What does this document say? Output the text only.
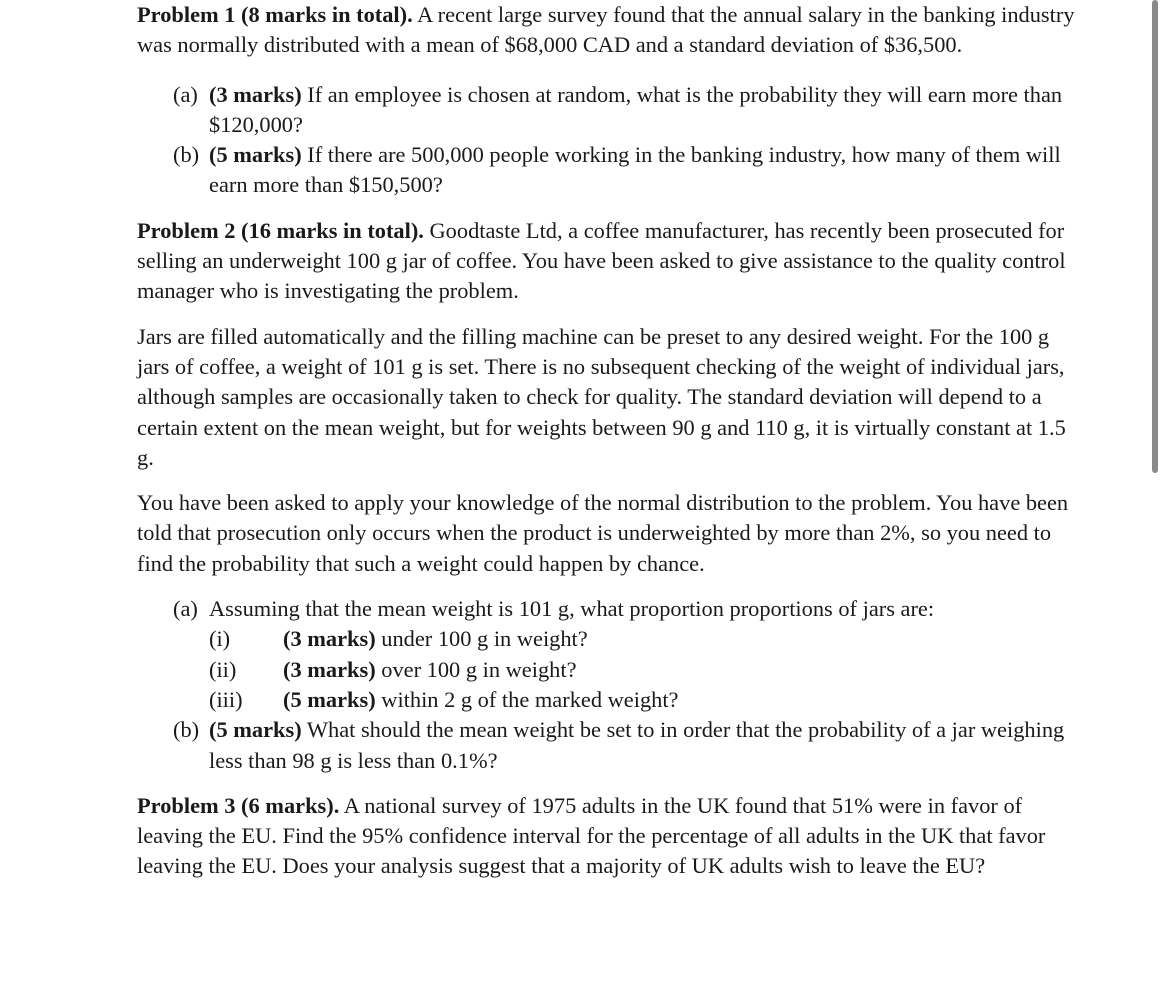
Problem 1 (8 marks in total). A recent large survey found that the annual salary in the banking industry was normally distributed with a mean of $68,000 CAD and a standard deviation of $36,500.

(a) (3 marks) If an employee is chosen at random, what is the probability they will earn more than $120,000?
(b) (5 marks) If there are 500,000 people working in the banking industry, how many of them will earn more than $150,500?

Problem 2 (16 marks in total). Goodtaste Ltd, a coffee manufacturer, has recently been prosecuted for selling an underweight 100 g jar of coffee. You have been asked to give assistance to the quality control manager who is investigating the problem.

Jars are filled automatically and the filling machine can be preset to any desired weight. For the 100 g jars of coffee, a weight of 101 g is set. There is no subsequent checking of the weight of individual jars, although samples are occasionally taken to check for quality. The standard deviation will depend to a certain extent on the mean weight, but for weights between 90 g and 110 g, it is virtually constant at 1.5 g.

You have been asked to apply your knowledge of the normal distribution to the problem. You have been told that prosecution only occurs when the product is underweighted by more than 2%, so you need to find the probability that such a weight could happen by chance.

(a) Assuming that the mean weight is 101 g, what proportion proportions of jars are:
(i) (3 marks) under 100 g in weight?
(ii) (3 marks) over 100 g in weight?
(iii) (5 marks) within 2 g of the marked weight?
(b) (5 marks) What should the mean weight be set to in order that the probability of a jar weighing less than 98 g is less than 0.1%?

Problem 3 (6 marks). A national survey of 1975 adults in the UK found that 51% were in favor of leaving the EU. Find the 95% confidence interval for the percentage of all adults in the UK that favor leaving the EU. Does your analysis suggest that a majority of UK adults wish to leave the EU?
